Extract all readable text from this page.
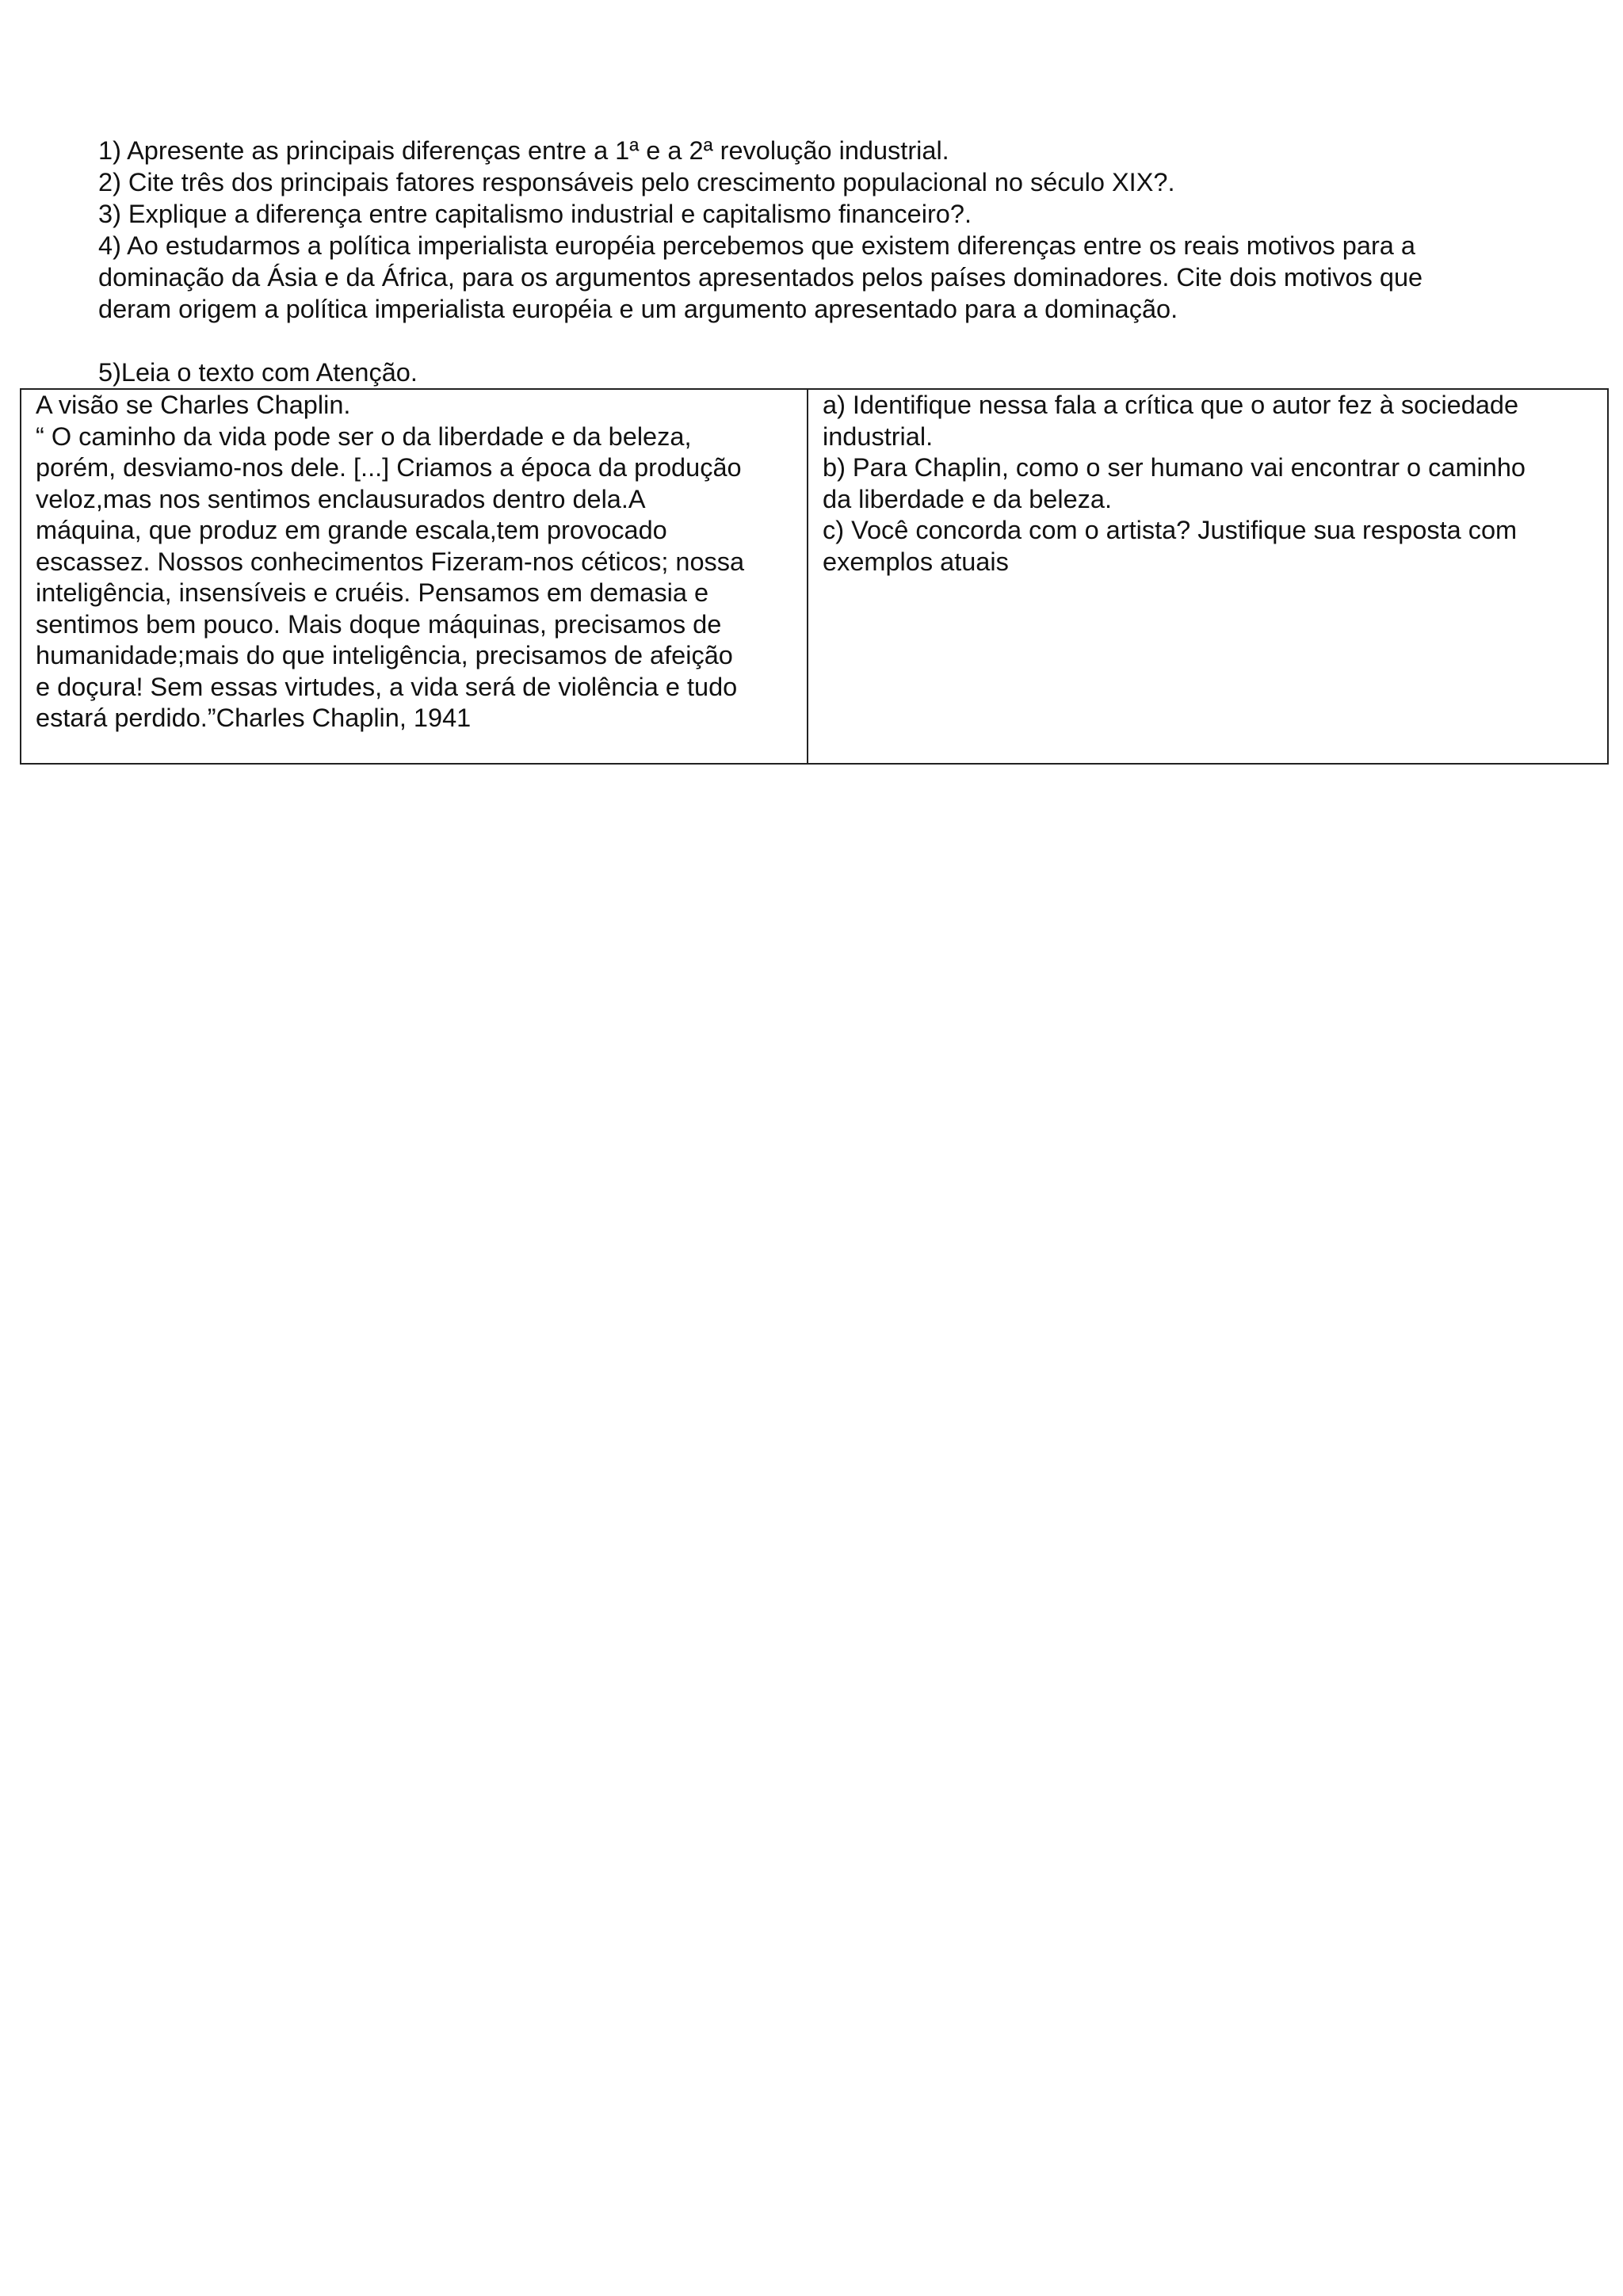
1) Apresente as principais diferenças entre a 1ª e a 2ª revolução industrial.

2) Cite três dos principais fatores responsáveis pelo crescimento populacional no século XIX?.

3) Explique a diferença entre capitalismo industrial e capitalismo financeiro?.

4) Ao estudarmos a política imperialista européia percebemos que existem diferenças entre os reais motivos para a

dominação da Ásia e da África, para os argumentos apresentados pelos países dominadores. Cite dois motivos que

deram origem a política imperialista européia e um argumento apresentado para a dominação.

5)Leia o texto com Atenção.

A visão se Charles Chaplin.
“ O caminho da vida pode ser o da liberdade e da beleza,
porém, desviamo-nos dele. [...] Criamos a época da produção
veloz,mas nos sentimos enclausurados dentro dela.A
máquina, que produz em grande escala,tem provocado
escassez. Nossos conhecimentos Fizeram-nos céticos; nossa
inteligência, insensíveis e cruéis. Pensamos em demasia e
sentimos bem pouco. Mais doque máquinas, precisamos de
humanidade;mais do que inteligência, precisamos de afeição
e doçura! Sem essas virtudes, a vida será de violência e tudo
estará perdido.”Charles Chaplin, 1941

a) Identifique nessa fala a crítica que o autor fez à sociedade
industrial.
b) Para Chaplin, como o ser humano vai encontrar o caminho
da liberdade e da beleza.
c) Você concorda com o artista? Justifique sua resposta com
exemplos atuais
